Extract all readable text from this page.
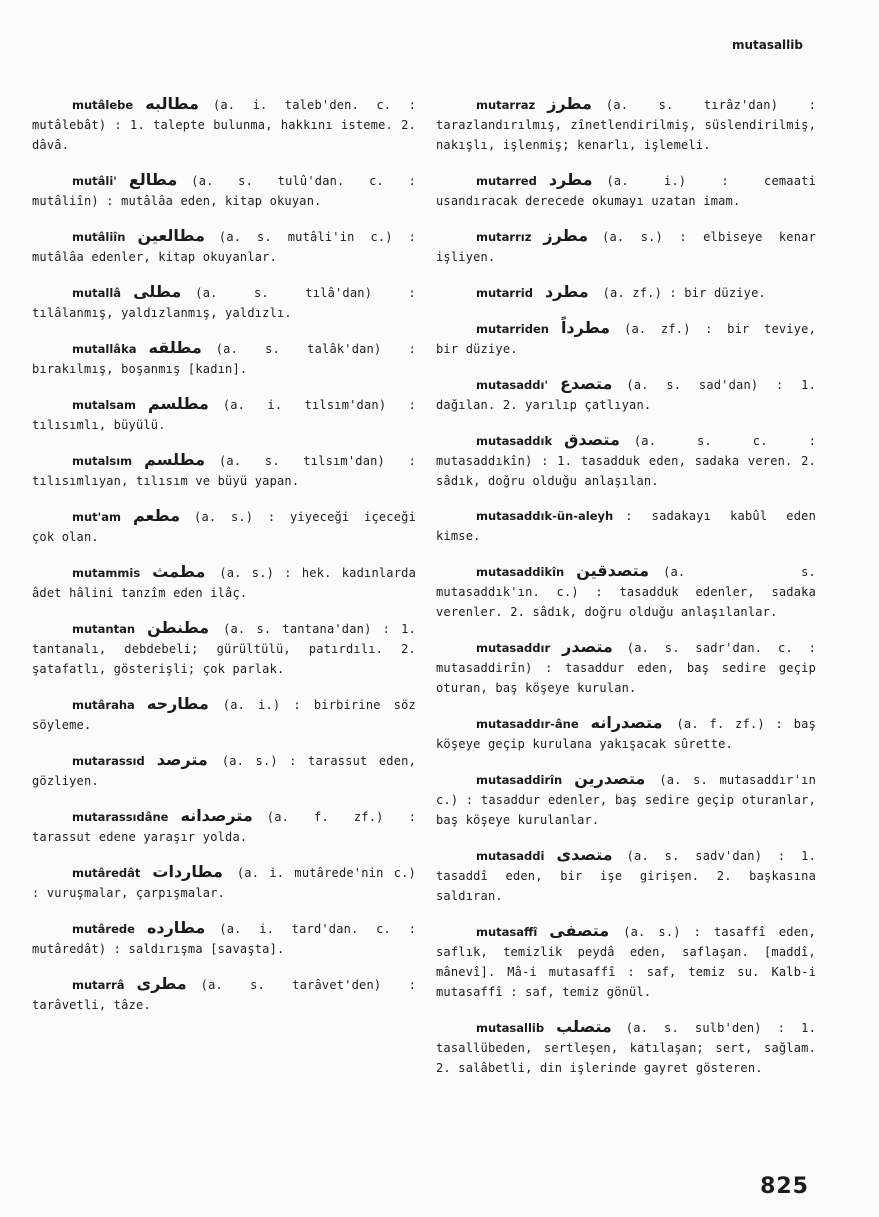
mutasallib
mutâlebe مطالبه (a. i. taleb'den. c. : mutâlebât) : 1. talepte bulunma, hakkını isteme. 2. dâvâ.
mutâli' مطالع (a. s. tulû'dan. c. : mutâliîn) : mutâlâa eden, kitap okuyan.
mutâliîn مطالعين (a. s. mutâli'in c.) : mutâlâa edenler, kitap okuyanlar.
mutallâ مطلى (a. s. tılâ'dan) : tılâlanmış, yaldızlanmış, yaldızlı.
mutallâka مطلقه (a. s. talâk'dan) : bırakılmış, boşanmış [kadın].
mutalsam مطلسم (a. i. tılsım'dan) : tılısımlı, büyülü.
mutalsım مطلسم (a. s. tılsım'dan) : tılısımlıyan, tılısım ve büyü yapan.
mut'am مطعم (a. s.) : yiyeceği içeceği çok olan.
mutammis مطمث (a. s.) : hek. kadınlarda âdet hâlini tanzîm eden ilâç.
mutantan مطنطن (a. s. tantana'dan) : 1. tantanalı, debdebeli; gürültülü, patırdılı. 2. şatafatlı, gösterişli; çok parlak.
mutâraha مطارحه (a. i.) : birbirine söz söyleme.
mutarassıd مترصد (a. s.) : tarassut eden, gözliyen.
mutarassıdâne مترصدانه (a. f. zf.) : tarassut edene yaraşır yolda.
mutâredât مطاردات (a. i. mutârede'nin c.) : vuruşmalar, çarpışmalar.
mutârede مطارده (a. i. tard'dan. c. : mutâredât) : saldırışma [savaşta].
mutarrâ مطرى (a. s. tarâvet'den) : tarâvetli, tâze.
mutarraz مطرز (a. s. tırâz'dan) : tarazlandırılmış, zînetlendirilmiş, süslendirilmiş, nakışlı, işlenmiş; kenarlı, işlemeli.
mutarred مطرد (a. i.) : cemaati usandıracak derecede okumayı uzatan imam.
mutarrız مطرز (a. s.) : elbiseye kenar işliyen.
mutarrid مطرد (a. zf.) : bir düziye.
mutarriden مطرداً (a. zf.) : bir teviye, bir düziye.
mutasaddı' متصدع (a. s. sad'dan) : 1. dağılan. 2. yarılıp çatlıyan.
mutasaddık متصدق (a. s. c. : mutasaddıkîn) : 1. tasadduk eden, sadaka veren. 2. sâdık, doğru olduğu anlaşılan.
mutasaddık-ün-aleyh : sadakayı kabûl eden kimse.
mutasaddikîn متصدقين (a. s. mutasaddık'ın. c.) : tasadduk edenler, sadaka verenler. 2. sâdık, doğru olduğu anlaşılanlar.
mutasaddır متصدر (a. s. sadr'dan. c. : mutasaddirîn) : tasaddur eden, baş sedire geçip oturan, baş köşeye kurulan.
mutasaddır-âne متصدرانه (a. f. zf.) : baş köşeye geçip kurulana yakışacak sûrette.
mutasaddirîn متصدرين (a. s. mutasaddır'ın c.) : tasaddur edenler, baş sedire geçip oturanlar, baş köşeye kurulanlar.
mutasaddi متصدى (a. s. sadv'dan) : 1. tasaddî eden, bir işe girişen. 2. başkasına saldıran.
mutasaffî متصفى (a. s.) : tasaffî eden, saflık, temizlik peydâ eden, saflaşan. [maddî, mânevî]. Mâ-i mutasaffî : saf, temiz su. Kalb-i mutasaffî : saf, temiz gönül.
mutasallib متصلب (a. s. sulb'den) : 1. tasallübeden, sertleşen, katılaşan; sert, sağlam. 2. salâbetli, din işlerinde gayret gösteren.
825
